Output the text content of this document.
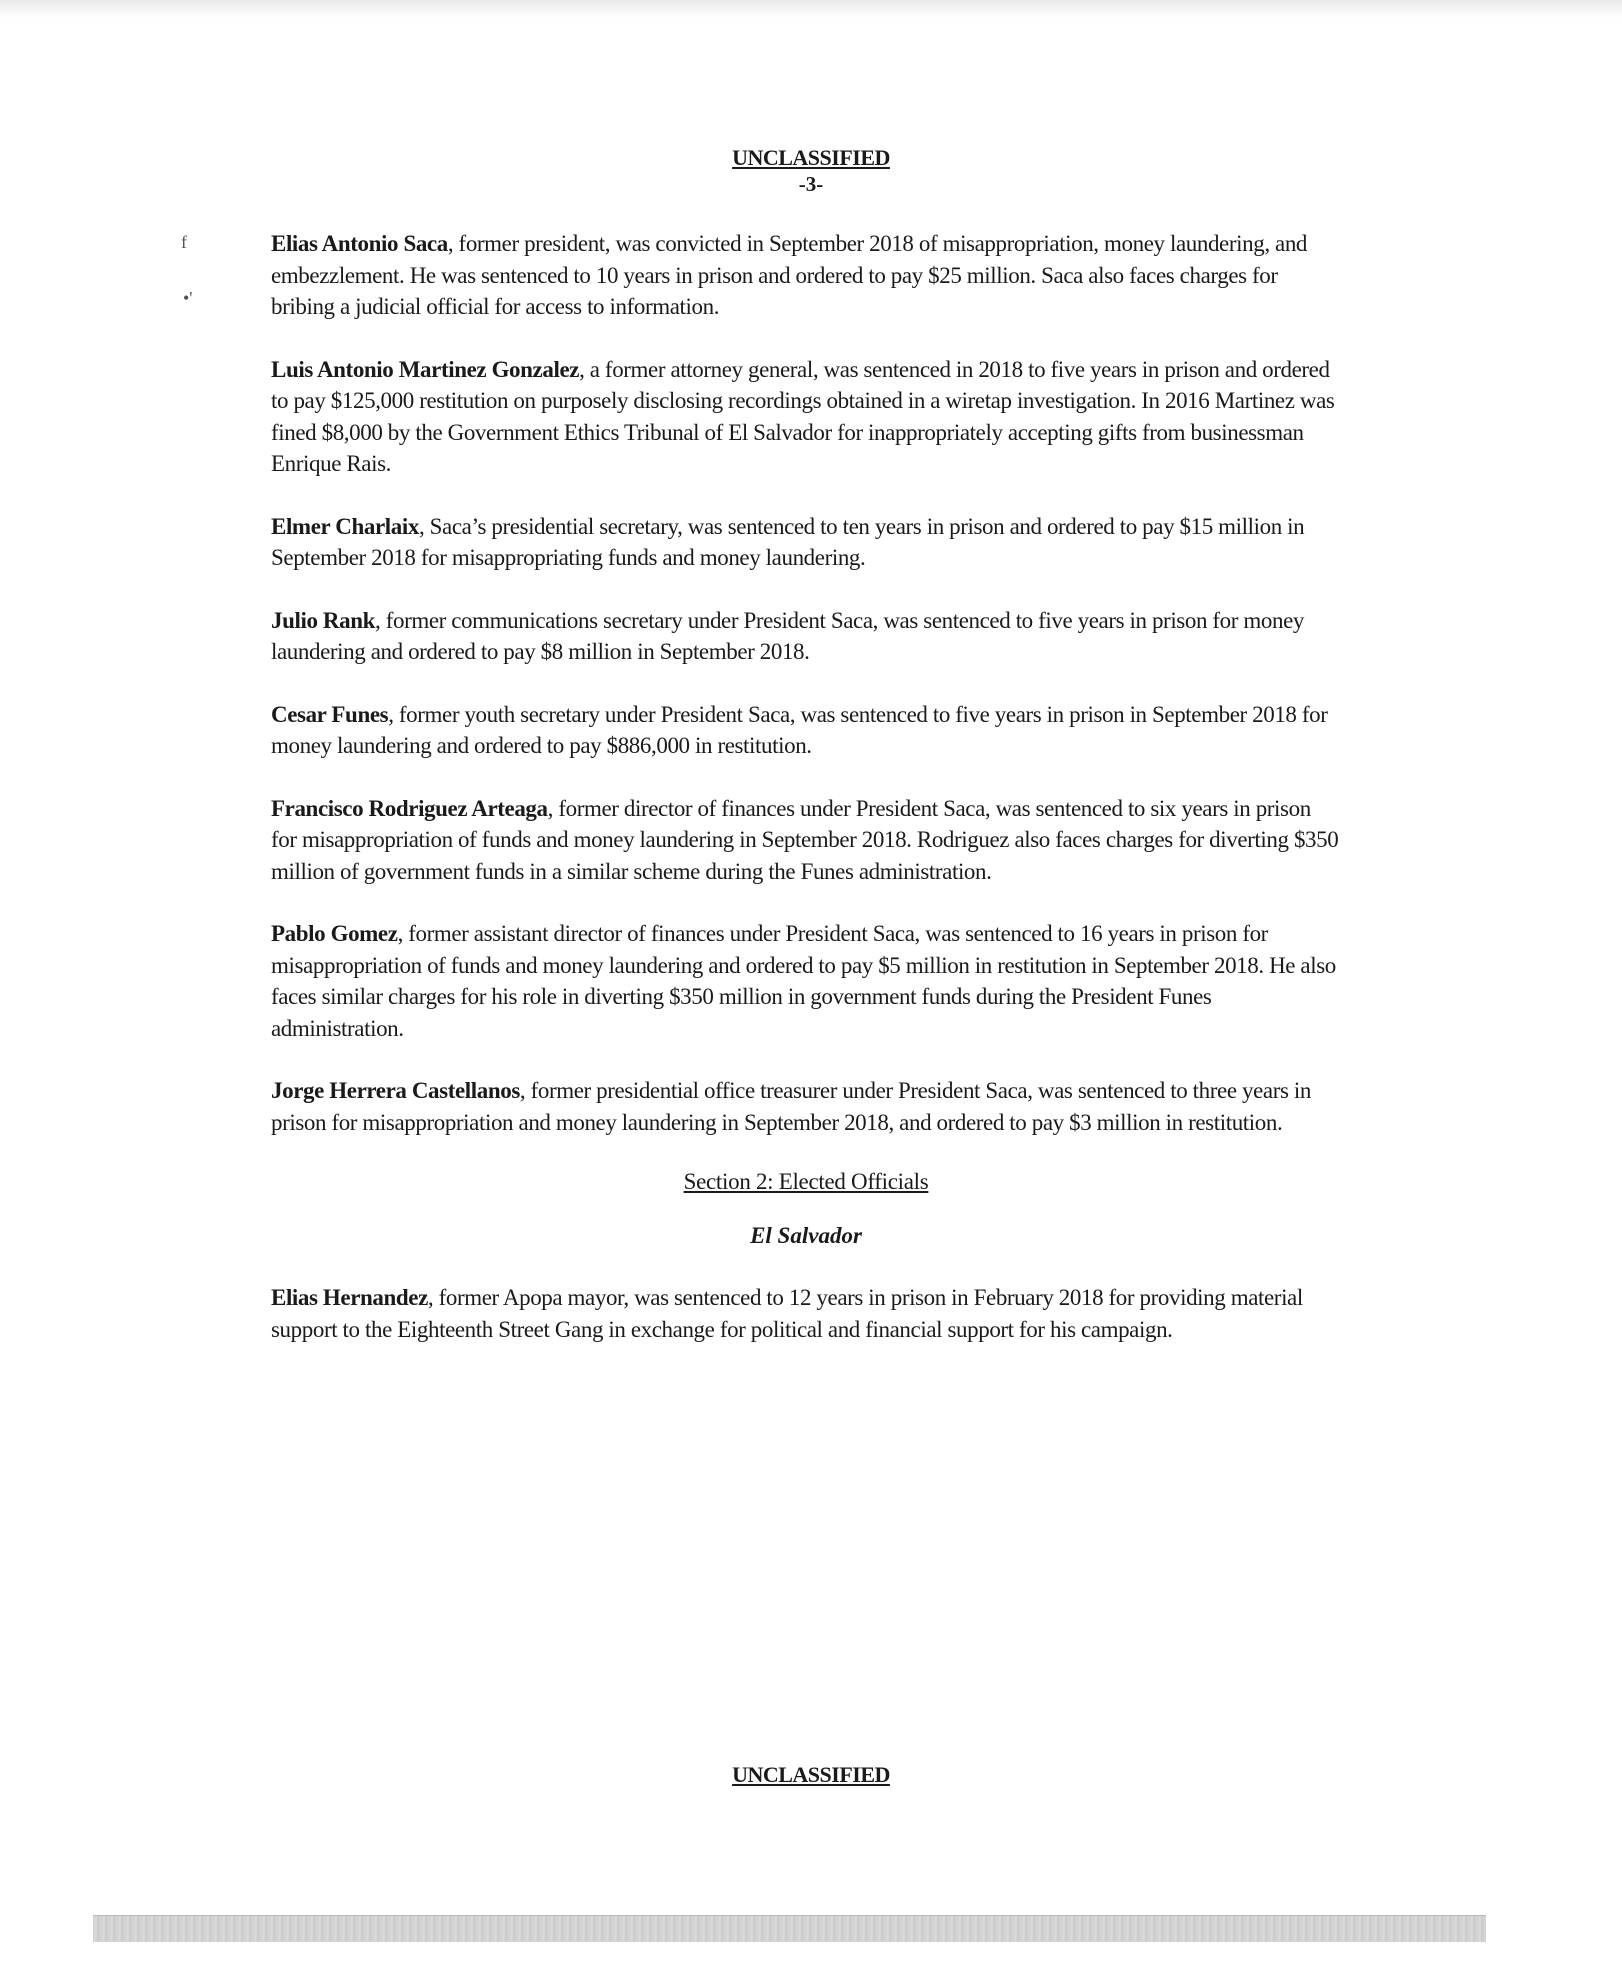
UNCLASSIFIED
-3-
f
•'

Elias Antonio Saca, former president, was convicted in September 2018 of misappropriation, money laundering, and embezzlement. He was sentenced to 10 years in prison and ordered to pay $25 million. Saca also faces charges for bribing a judicial official for access to information.

Luis Antonio Martinez Gonzalez, a former attorney general, was sentenced in 2018 to five years in prison and ordered to pay $125,000 restitution on purposely disclosing recordings obtained in a wiretap investigation. In 2016 Martinez was fined $8,000 by the Government Ethics Tribunal of El Salvador for inappropriately accepting gifts from businessman Enrique Rais.

Elmer Charlaix, Saca’s presidential secretary, was sentenced to ten years in prison and ordered to pay $15 million in September 2018 for misappropriating funds and money laundering.

Julio Rank, former communications secretary under President Saca, was sentenced to five years in prison for money laundering and ordered to pay $8 million in September 2018.

Cesar Funes, former youth secretary under President Saca, was sentenced to five years in prison in September 2018 for money laundering and ordered to pay $886,000 in restitution.

Francisco Rodriguez Arteaga, former director of finances under President Saca, was sentenced to six years in prison for misappropriation of funds and money laundering in September 2018. Rodriguez also faces charges for diverting $350 million of government funds in a similar scheme during the Funes administration.

Pablo Gomez, former assistant director of finances under President Saca, was sentenced to 16 years in prison for misappropriation of funds and money laundering and ordered to pay $5 million in restitution in September 2018. He also faces similar charges for his role in diverting $350 million in government funds during the President Funes administration.

Jorge Herrera Castellanos, former presidential office treasurer under President Saca, was sentenced to three years in prison for misappropriation and money laundering in September 2018, and ordered to pay $3 million in restitution.

Section 2: Elected Officials
El Salvador

Elias Hernandez, former Apopa mayor, was sentenced to 12 years in prison in February 2018 for providing material support to the Eighteenth Street Gang in exchange for political and financial support for his campaign.

UNCLASSIFIED
